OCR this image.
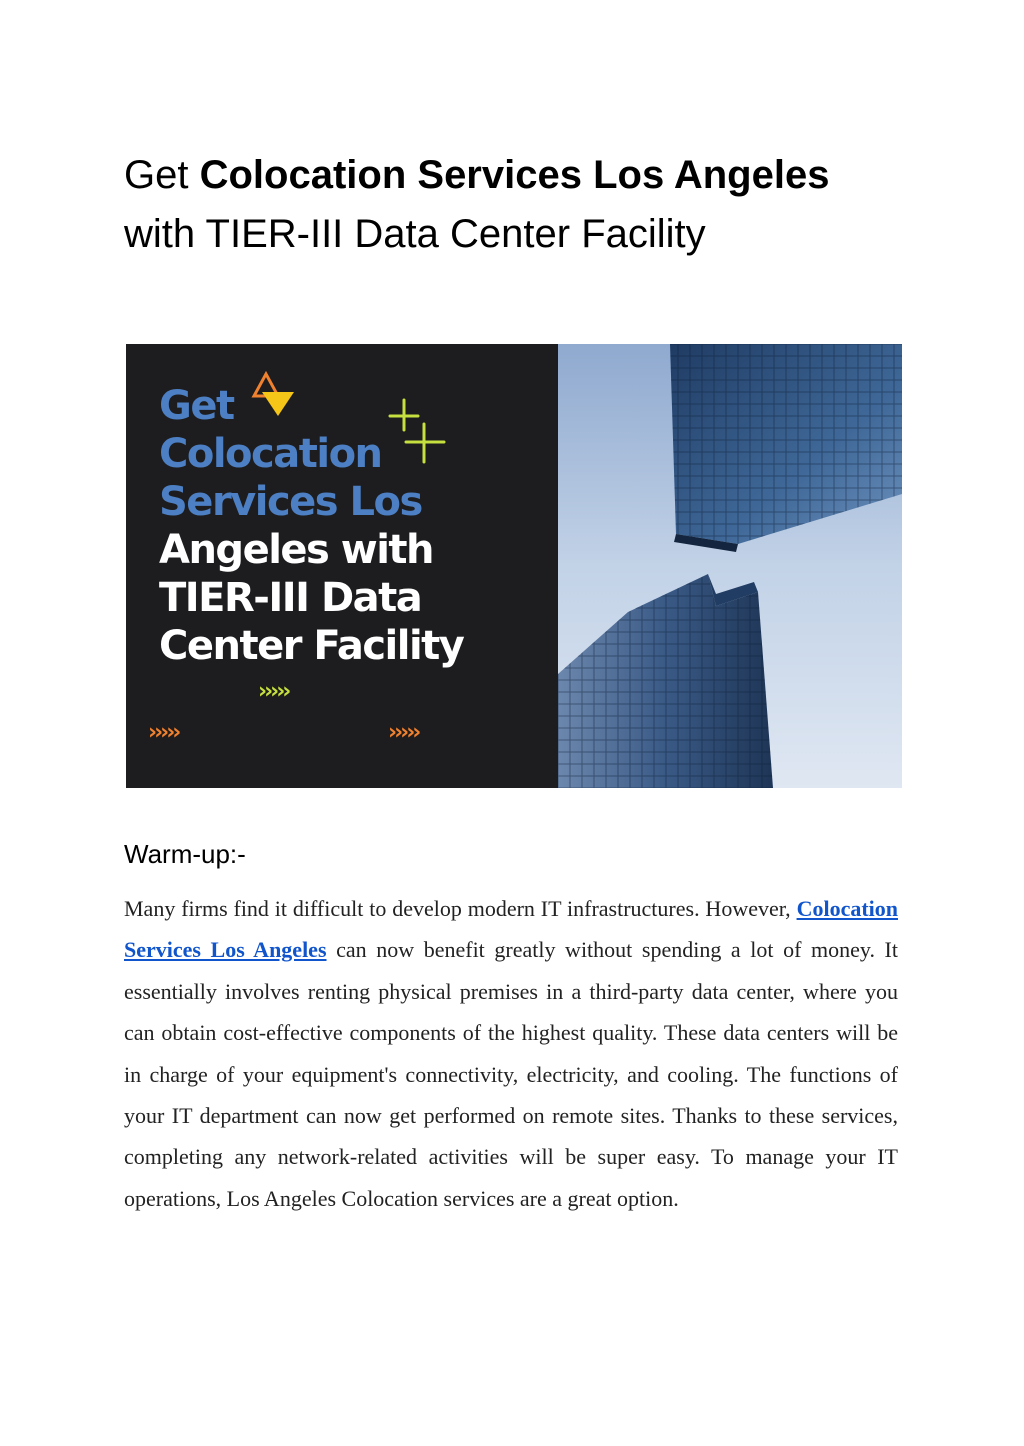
Get Colocation Services Los Angeles with TIER-III Data Center Facility
Get
Colocation
Services Los
Angeles with
TIER-III Data
Center Facility
›››››
›››››	›››››
Warm-up:-

Many firms find it difficult to develop modern IT infrastructures. However, Colocation Services Los Angeles can now benefit greatly without spending a lot of money. It essentially involves renting physical premises in a third-party data center, where you can obtain cost-effective components of the highest quality. These data centers will be in charge of your equipment's connectivity, electricity, and cooling. The functions of your IT department can now get performed on remote sites. Thanks to these services, completing any network-related activities will be super easy. To manage your IT operations, Los Angeles Colocation services are a great option.
